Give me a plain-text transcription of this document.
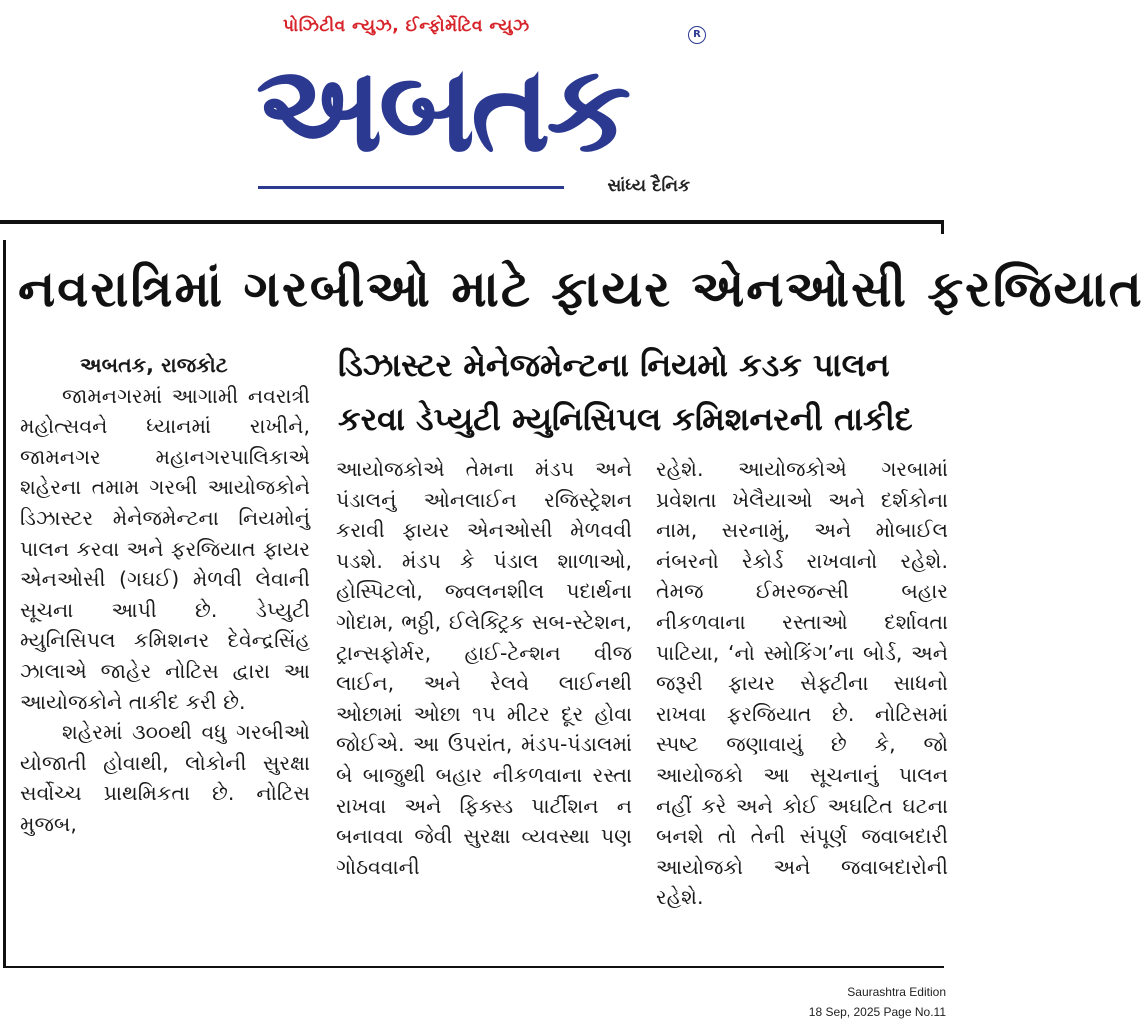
પોઝિટીવ ન્યુઝ, ઈન્ફોર્મેટિવ ન્યુઝ
અબતક
R
સાંધ્ય દૈનિક
નવરાત્રિમાં ગરબીઓ માટે ફાયર એનઓસી ફરજિયાત
ડિઝાસ્ટર મેનેજમેન્ટના નિયમો કડક પાલન
કરવા ડેપ્યુટી મ્યુનિસિપલ કમિશનરની તાકીદ

અબતક, રાજકોટ

જામનગરમાં આગામી નવરાત્રી મહોત્સવને ધ્યાનમાં રાખીને, જામનગર મહાનગરપાલિકાએ શહેરના તમામ ગરબી આયોજકોને ડિઝાસ્ટર મેનેજમેન્ટના નિયમોનું પાલન કરવા અને ફરજિયાત ફાયર એનઓસી (ગઘઈ) મેળવી લેવાની સૂચના આપી છે. ડેપ્યુટી મ્યુનિસિપલ કમિશનર દેવેન્દ્રસિંહ ઝાલાએ જાહેર નોટિસ દ્વારા આ આયોજકોને તાકીદ કરી છે.

શહેરમાં ૩૦૦થી વધુ ગરબીઓ યોજાતી હોવાથી, લોકોની સુરક્ષા સર્વોચ્ચ પ્રાથમિકતા છે. નોટિસ મુજબ,

આયોજકોએ તેમના મંડપ અને પંડાલનું ઓનલાઈન રજિસ્ટ્રેશન કરાવી ફાયર એનઓસી મેળવવી પડશે. મંડપ કે પંડાલ શાળાઓ, હોસ્પિટલો, જ્વલનશીલ પદાર્થના ગોદામ, ભઠ્ઠી, ઈલેક્ટ્રિક સબ-સ્ટેશન, ટ્રાન્સફોર્મર, હાઈ-ટેન્શન વીજ લાઈન, અને રેલવે લાઈનથી ઓછામાં ઓછા ૧૫ મીટર દૂર હોવા જોઈએ. આ ઉપરાંત, મંડપ-પંડાલમાં બે બાજુથી બહાર નીકળવાના રસ્તા રાખવા અને ફિક્સ્ડ પાર્ટીશન ન બનાવવા જેવી સુરક્ષા વ્યવસ્થા પણ ગોઠવવાની

રહેશે. આયોજકોએ ગરબામાં પ્રવેશતા ખેલૈયાઓ અને દર્શકોના નામ, સરનામું, અને મોબાઈલ નંબરનો રેકોર્ડ રાખવાનો રહેશે. તેમજ ઈમરજન્સી બહાર નીકળવાના રસ્તાઓ દર્શાવતા પાટિયા, ‘નો સ્મોકિંગ’ના બોર્ડ, અને જરૂરી ફાયર સેફ્ટીના સાધનો રાખવા ફરજિયાત છે. નોટિસમાં સ્પષ્ટ જણાવાયું છે કે, જો આયોજકો આ સૂચનાનું પાલન નહીં કરે અને કોઈ અઘટિત ઘટના બનશે તો તેની સંપૂર્ણ જવાબદારી આયોજકો અને જવાબદારોની રહેશે.

Saurashtra Edition
18 Sep, 2025 Page No.11
